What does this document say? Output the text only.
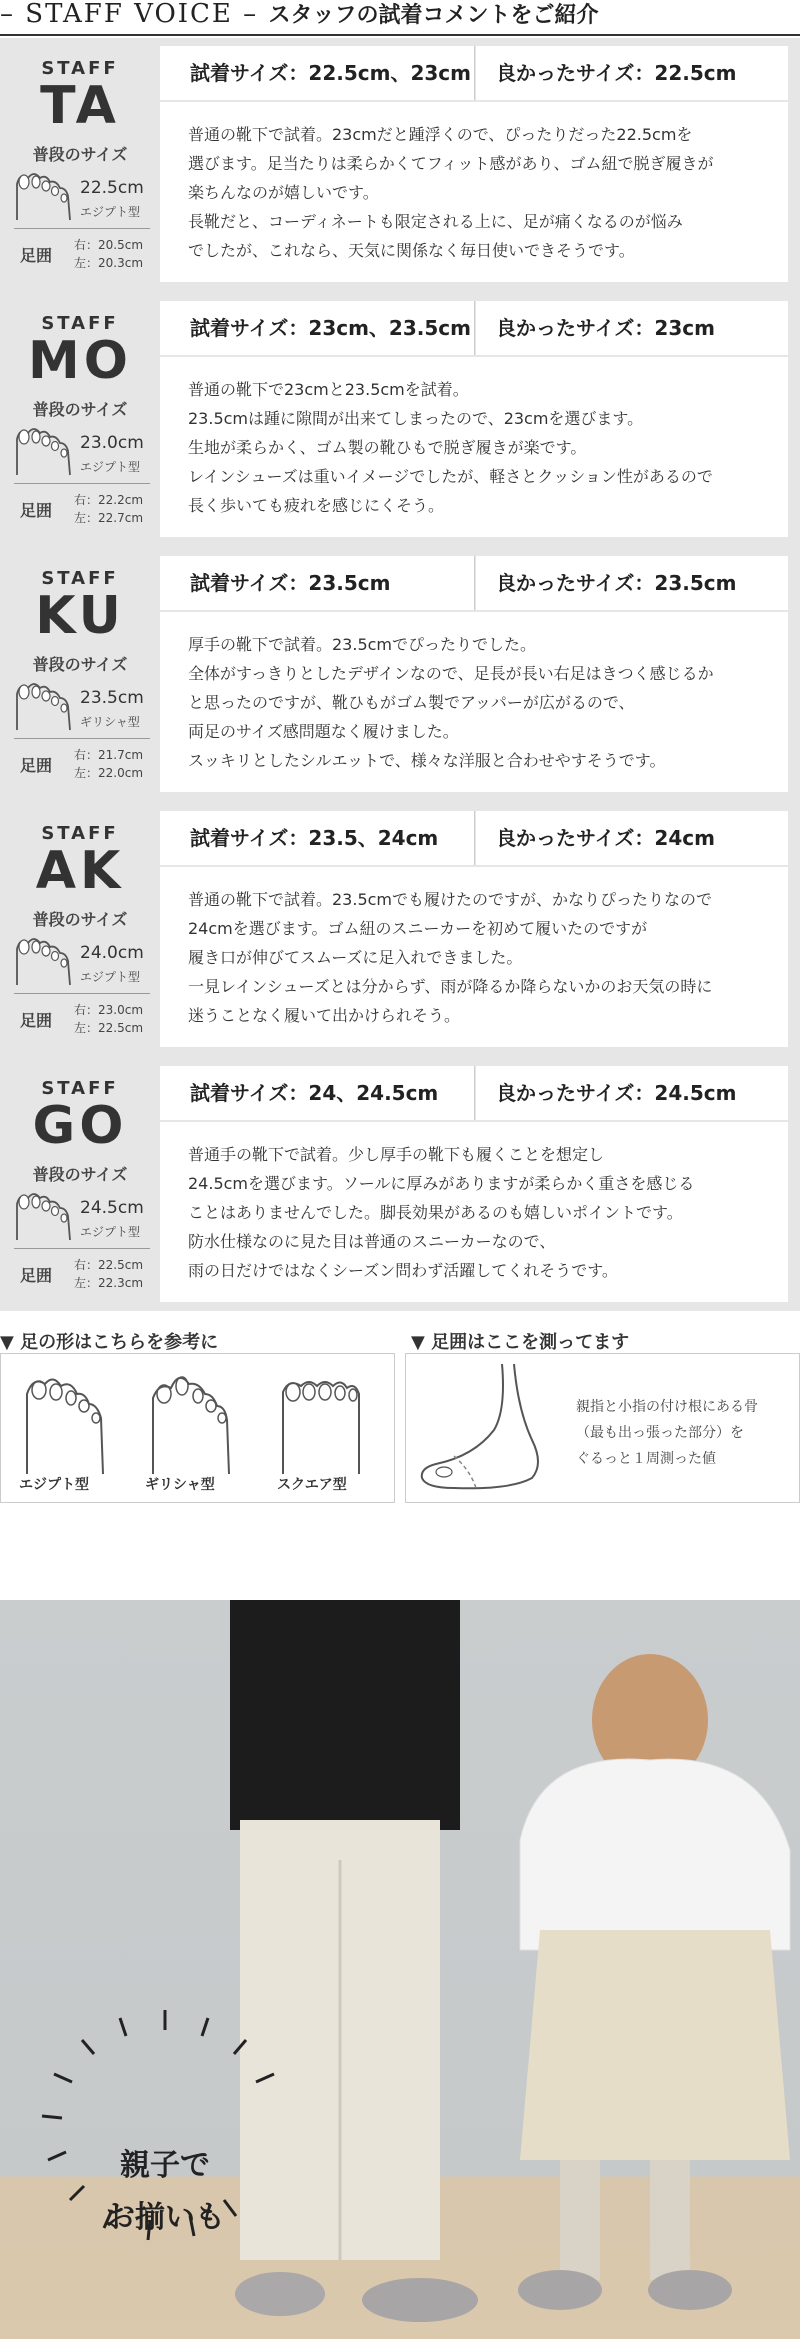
– STAFF VOICE – スタッフの試着コメントをご紹介
STAFF
TA
普段のサイズ
22.5cm
エジプト型
足囲
右：20.5cm
左：20.3cm
試着サイズ：22.5cm、23cm	良かったサイズ：22.5cm
普通の靴下で試着。23cmだと踵浮くので、ぴったりだった22.5cmを
選びます。足当たりは柔らかくてフィット感があり、ゴム紐で脱ぎ履きが
楽ちんなのが嬉しいです。
長靴だと、コーディネートも限定される上に、足が痛くなるのが悩み
でしたが、これなら、天気に関係なく毎日使いできそうです。
STAFF
MO
普段のサイズ
23.0cm
エジプト型
足囲
右：22.2cm
左：22.7cm
試着サイズ：23cm、23.5cm	良かったサイズ：23cm
普通の靴下で23cmと23.5cmを試着。
23.5cmは踵に隙間が出来てしまったので、23cmを選びます。
生地が柔らかく、ゴム製の靴ひもで脱ぎ履きが楽です。
レインシューズは重いイメージでしたが、軽さとクッション性があるので
長く歩いても疲れを感じにくそう。
STAFF
KU
普段のサイズ
23.5cm
ギリシャ型
足囲
右：21.7cm
左：22.0cm
試着サイズ：23.5cm	良かったサイズ：23.5cm
厚手の靴下で試着。23.5cmでぴったりでした。
全体がすっきりとしたデザインなので、足長が長い右足はきつく感じるか
と思ったのですが、靴ひもがゴム製でアッパーが広がるので、
両足のサイズ感問題なく履けました。
スッキリとしたシルエットで、様々な洋服と合わせやすそうです。
STAFF
AK
普段のサイズ
24.0cm
エジプト型
足囲
右：23.0cm
左：22.5cm
試着サイズ：23.5、24cm	良かったサイズ：24cm
普通の靴下で試着。23.5cmでも履けたのですが、かなりぴったりなので
24cmを選びます。ゴム紐のスニーカーを初めて履いたのですが
履き口が伸びてスムーズに足入れできました。
一見レインシューズとは分からず、雨が降るか降らないかのお天気の時に
迷うことなく履いて出かけられそう。
STAFF
GO
普段のサイズ
24.5cm
エジプト型
足囲
右：22.5cm
左：22.3cm
試着サイズ：24、24.5cm	良かったサイズ：24.5cm
普通手の靴下で試着。少し厚手の靴下も履くことを想定し
24.5cmを選びます。ソールに厚みがありますが柔らかく重さを感じる
ことはありませんでした。脚長効果があるのも嬉しいポイントです。
防水仕様なのに見た目は普通のスニーカーなので、
雨の日だけではなくシーズン問わず活躍してくれそうです。
▼ 足の形はこちらを参考に
エジプト型	ギリシャ型	スクエア型
▼ 足囲はここを測ってます
親指と小指の付け根にある骨
（最も出っ張った部分）を
ぐるっと１周測った値
親子で
お揃いも
